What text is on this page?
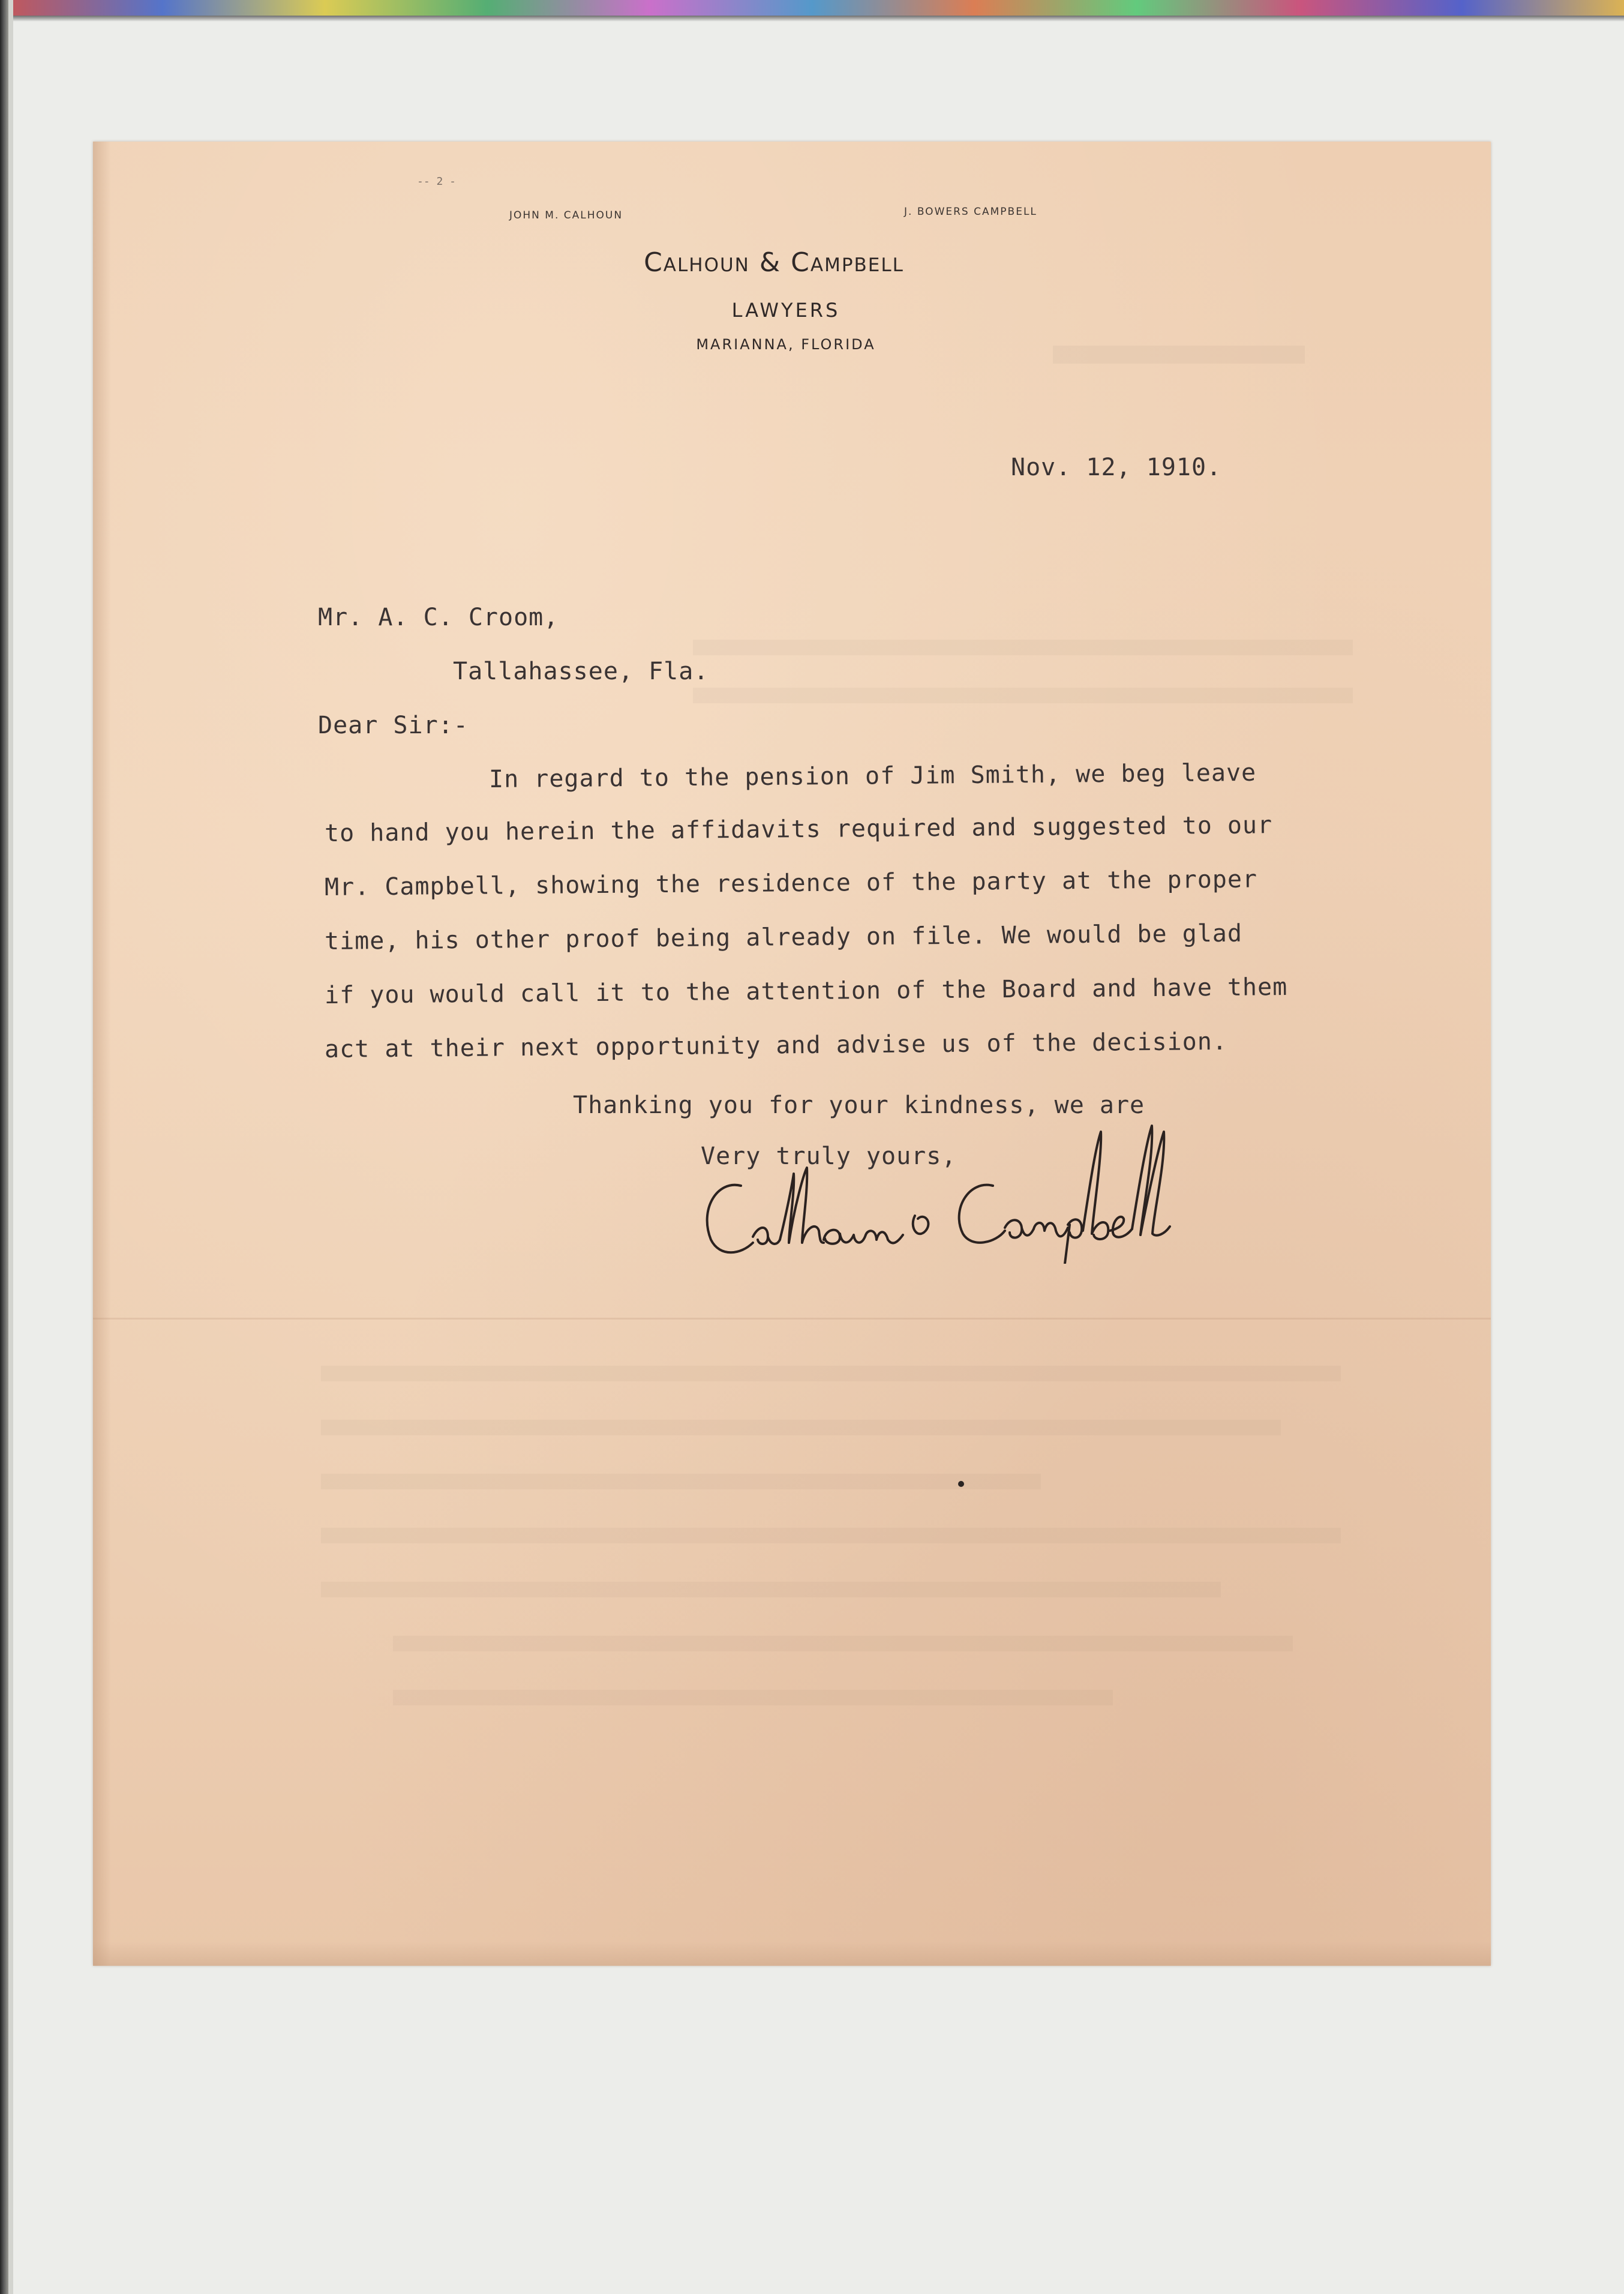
-- 2 -
JOHN M. CALHOUN	J. BOWERS CAMPBELL
Calhoun & Campbell
LAWYERS
MARIANNA, FLORIDA
Nov. 12, 1910.
Mr. A. C. Croom,
Tallahassee, Fla.
Dear Sir:-
In regard to the pension of Jim Smith, we beg leave
to hand you herein the affidavits required and suggested to our
Mr. Campbell, showing the residence of the party at the proper
time, his other proof being already on file. We would be glad
if you would call it to the attention of the Board and have them
act at their next opportunity and advise us of the decision.
Thanking you for your kindness, we are
Very truly yours,
